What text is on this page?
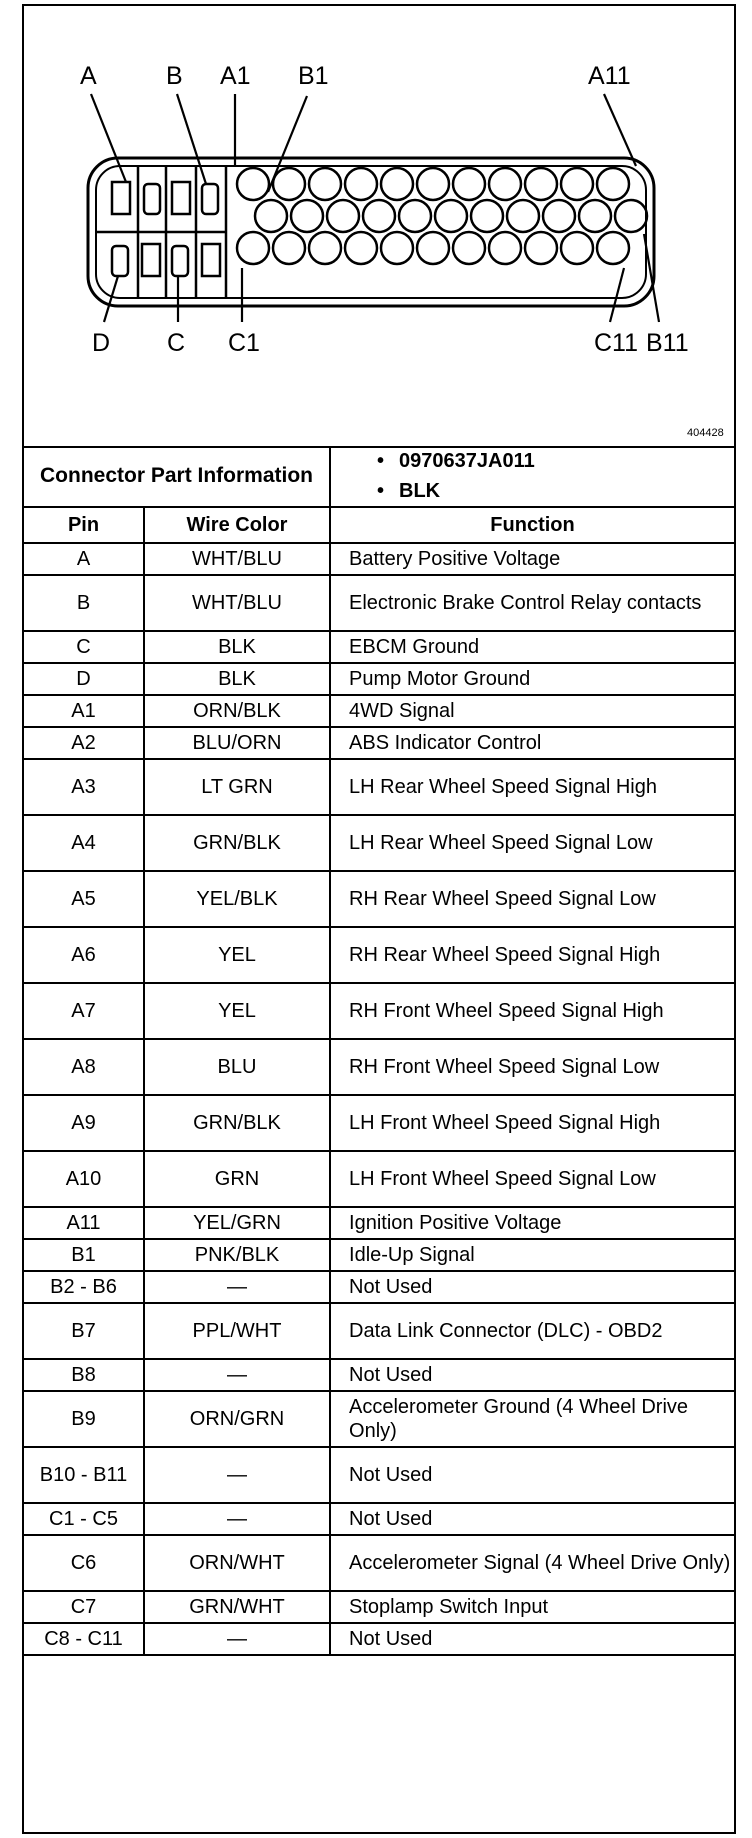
A	B A1 B1	A11
D C C1	C11 B11
404428
Connector Part Information		• 0970637JA011
• BLK

Pin	Wire Color	Function
A	WHT/BLU	Battery Positive Voltage
B	WHT/BLU	Electronic Brake Control Relay contacts
C	BLK	EBCM Ground
D	BLK	Pump Motor Ground
A1	ORN/BLK	4WD Signal
A2	BLU/ORN	ABS Indicator Control
A3	LT GRN	LH Rear Wheel Speed Signal High
A4	GRN/BLK	LH Rear Wheel Speed Signal Low
A5	YEL/BLK	RH Rear Wheel Speed Signal Low
A6	YEL	RH Rear Wheel Speed Signal High
A7	YEL	RH Front Wheel Speed Signal High
A8	BLU	RH Front Wheel Speed Signal Low
A9	GRN/BLK	LH Front Wheel Speed Signal High
A10	GRN	LH Front Wheel Speed Signal Low
A11	YEL/GRN	Ignition Positive Voltage
B1	PNK/BLK	Idle-Up Signal
B2 - B6	—	Not Used
B7	PPL/WHT	Data Link Connector (DLC) - OBD2
B8	—	Not Used
B9	ORN/GRN	Accelerometer Ground (4 Wheel Drive Only)
B10 - B11	—	Not Used
C1 - C5	—	Not Used
C6	ORN/WHT	Accelerometer Signal (4 Wheel Drive Only)
C7	GRN/WHT	Stoplamp Switch Input
C8 - C11	—	Not Used
